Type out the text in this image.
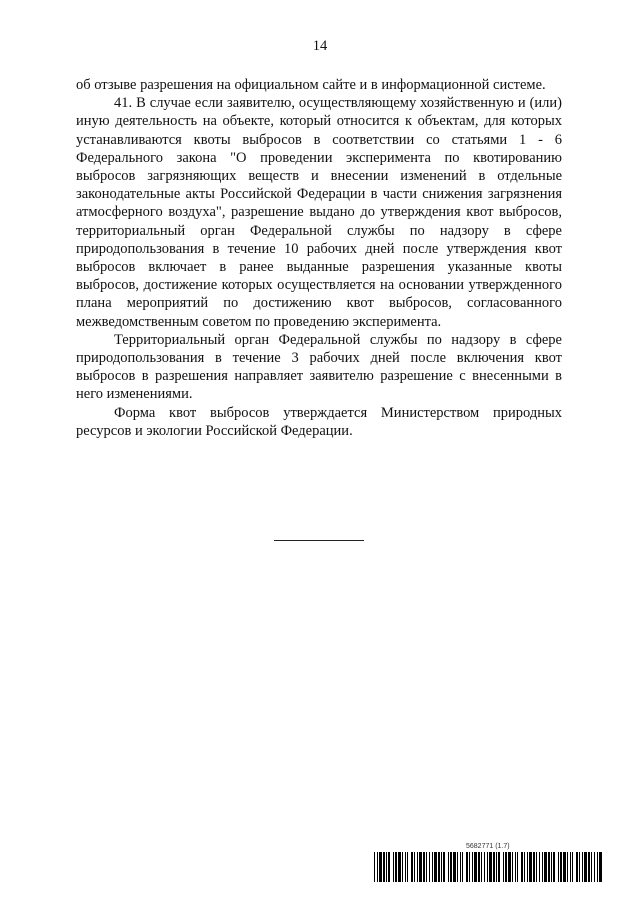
14

об отзыве разрешения на официальном сайте и в информационной системе.

41. В случае если заявителю, осуществляющему хозяйственную и (или) иную деятельность на объекте, который относится к объектам, для которых устанавливаются квоты выбросов в соответствии со статьями 1 - 6 Федерального закона "О проведении эксперимента по квотированию выбросов загрязняющих веществ и внесении изменений в отдельные законодательные акты Российской Федерации в части снижения загрязнения атмосферного воздуха", разрешение выдано до утверждения квот выбросов, территориальный орган Федеральной службы по надзору в сфере природопользования в течение 10 рабочих дней после утверждения квот выбросов включает в ранее выданные разрешения указанные квоты выбросов, достижение которых осуществляется на основании утвержденного плана мероприятий по достижению квот выбросов, согласованного межведомственным советом по проведению эксперимента.

Территориальный орган Федеральной службы по надзору в сфере природопользования в течение 3 рабочих дней после включения квот выбросов в разрешения направляет заявителю разрешение с внесенными в него изменениями.

Форма квот выбросов утверждается Министерством природных ресурсов и экологии Российской Федерации.

5682771 (1.7)
